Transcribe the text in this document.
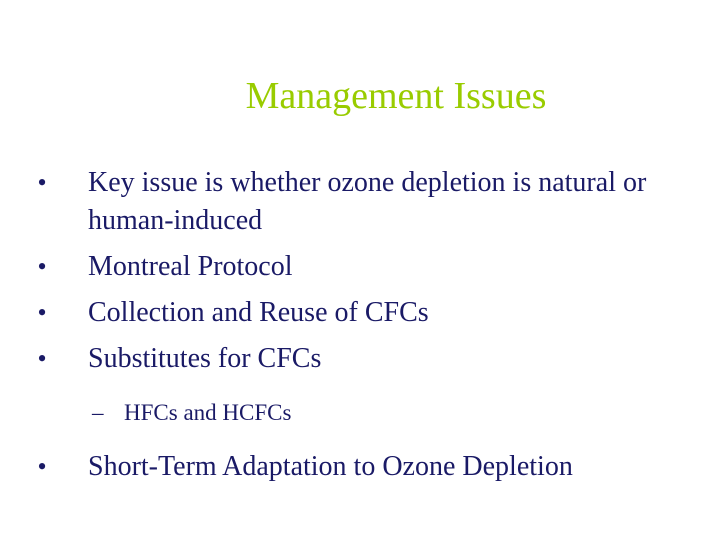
Management Issues
•	Key issue is whether ozone depletion is natural or human-induced
•	Montreal Protocol
•	Collection and Reuse of CFCs
•	Substitutes for CFCs
– HFCs and HCFCs
•	Short-Term Adaptation to Ozone Depletion
